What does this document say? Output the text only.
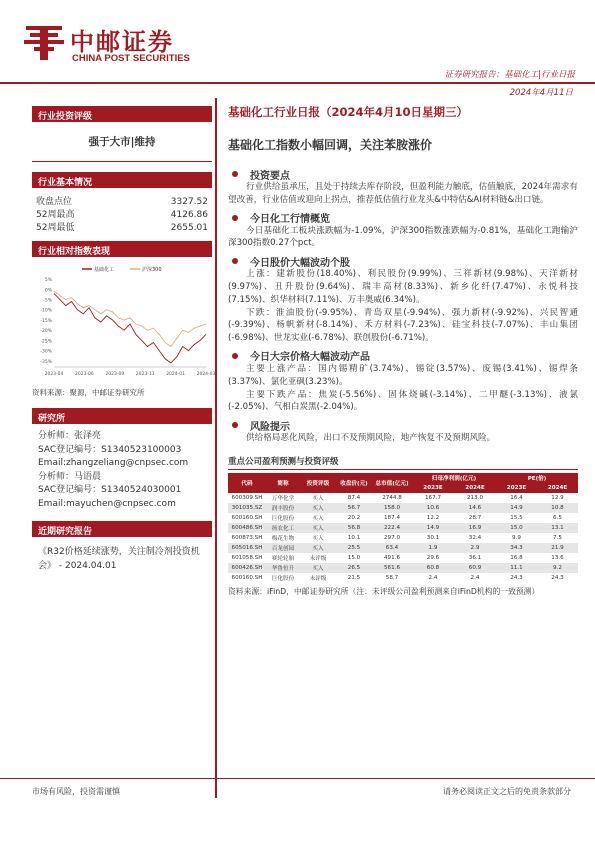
中邮证券
CHINA POST SECURITIES
证券研究报告：基础化工|行业日报
2024年4月11日
行业投资评级
强于大市|维持
行业基本情况
收盘点位	3327.52
52周最高	4126.86
52周最低	2655.01
行业相对指数表现
5%
0%
-5%
-10%
-15%
-20%
-25%
-30%
-35%
2023-04	2023-06	2023-09	2023-11	2024-01	2024-03
基础化工	沪深300
资料来源：聚源，中邮证券研究所
研究所
分析师：张泽亮
SAC登记编号：S1340523100003
Email:zhangzeliang@cnpsec.com
分析师：马语晨
SAC登记编号：S1340524030001
Email:mayuchen@cnpsec.com
近期研究报告
《R32价格延续涨势，关注制冷剂投资机会》 - 2024.04.01
基础化工行业日报（2024年4月10日星期三）
基础化工指数小幅回调，关注苯胺涨价
投资要点
行业供给虽承压，且处于持续去库存阶段，但盈利能力触底，估值触底，2024年需求有望改善，行业估值或迎向上拐点，推荐低估值行业龙头&中特估&AI材料链&出口链。
今日化工行情概览
今日基础化工板块涨跌幅为-1.09%，沪深300指数涨跌幅为-0.81%，基础化工跑输沪深300指数0.27个pct。
今日股价大幅波动个股
上涨：建新股份(18.40%)、利民股份(9.99%)、三祥新材(9.98%)、天洋新材(9.97%)、丑升股份(9.64%)、瑞丰高材(8.33%)、新乡化纤(7.47%)、永悦科技(7.15%)、织华材料(7.11%)、万丰奥威(6.34%)。
下跌：淮油股份(-9.95%)、青岛双星(-9.94%)、强力新材(-9.92%)、兴民智通(-9.39%)、杨帆新材(-8.14%)、禾方材料(-7.23%)、硅宝科技(-7.07%)、丰山集团(-6.98%)、世龙实业(-6.78%)、联创股份(-6.71%)。
今日大宗价格大幅波动产品
主要上涨产品：国内锡精矿(3.74%)、锡锭(3.57%)、废锡(3.41%)、锡焊条(3.37%)、氯化亚砜(3.23%)。
主要下跌产品：焦炭(-5.56%)、固体烧碱(-3.14%)、二甲醚(-3.13%)、液氯(-2.05%)、气相白炭黑(-2.04%)。
风险提示
供给格局恶化风险，出口不及预期风险，地产恢复不及预期风险。
重点公司盈利预测与投资评级
代码	简称	投资评级	收盘价(元)	总市值(亿元)	归母净利润(亿元)		PE(倍)	
					2023E	2024E	2023E	2024E
600309.SH	万华化学	买入	87.4	2744.8	167.7	213.0	16.4	12.9
301035.SZ	润丰股份	买入	56.7	158.0	10.6	14.6	14.9	10.8
600160.SH	巨化股份	买入	20.2	187.4	12.2	28.7	15.5	6.5
600486.SH	扬农化工	买入	56.8	222.4	14.9	16.9	15.0	13.1
600873.SH	梅花生物	买入	10.1	297.0	30.1	32.4	9.9	7.5
605016.SH	百龙创园	买入	25.5	63.4	1.9	2.9	34.3	21.9
601058.SH	赛轮轮胎	未评级	15.0	491.6	29.6	36.1	16.8	13.6
600426.SH	华鲁恒升	买入	26.5	561.6	60.8	60.9	11.1	9.2
600160.SH	巨化股份	未评级	21.5	58.7	2.4	2.4	24.3	24.3
资料来源：iFinD，中邮证券研究所（注：未评级公司盈利预测来自iFinD机构的一致预测）
市场有风险，投资需谨慎	请务必阅读正文之后的免责条款部分
